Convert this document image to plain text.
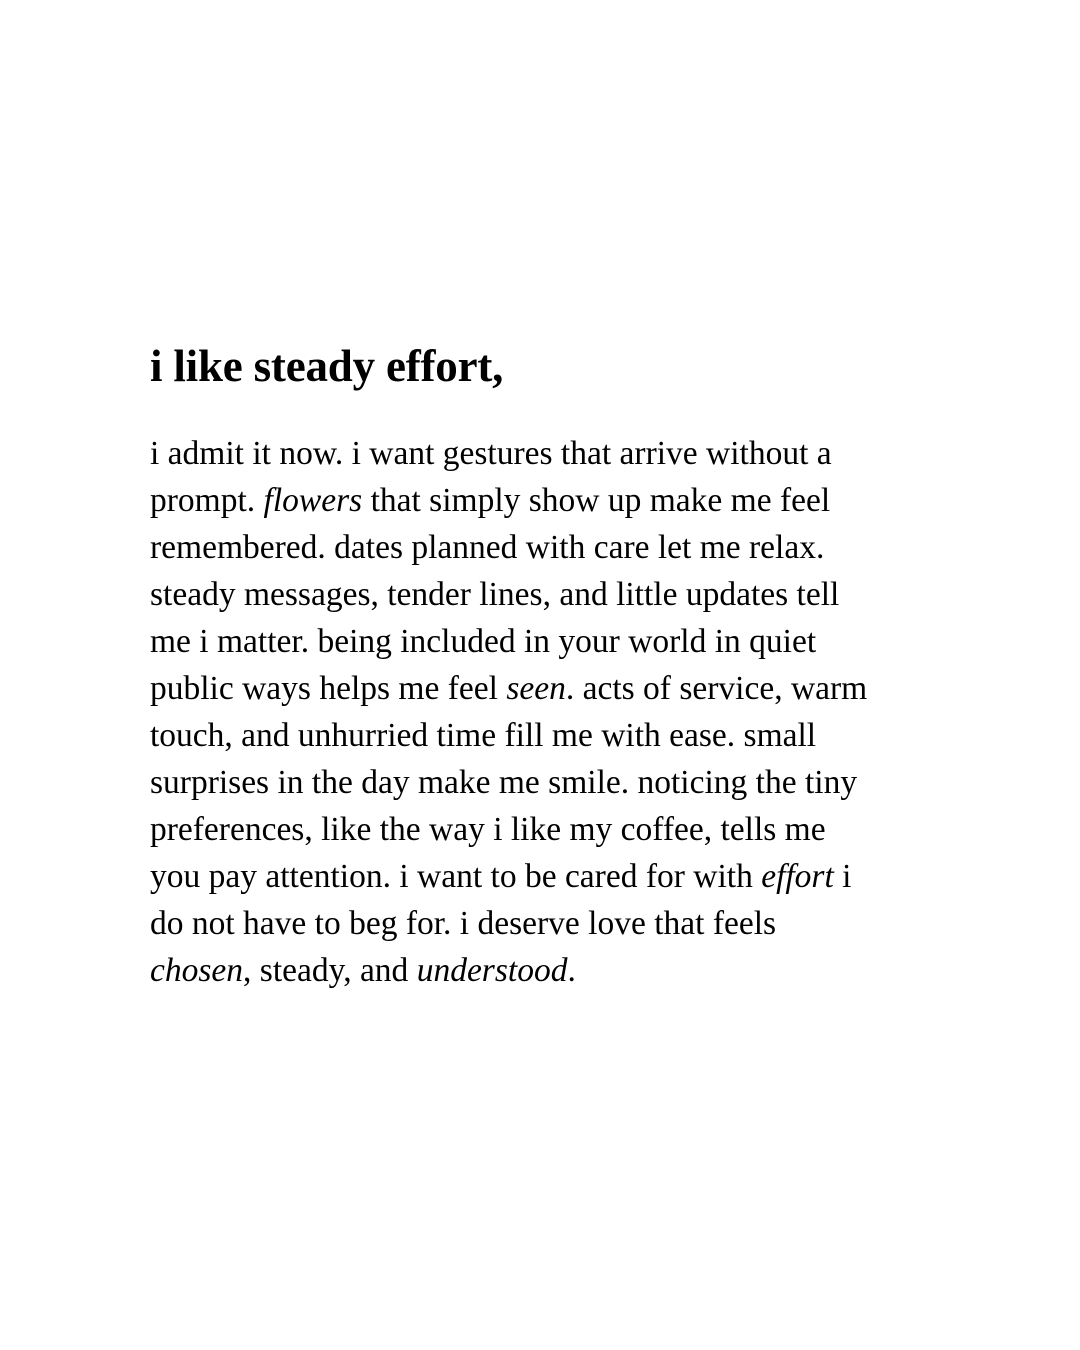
i like steady effort,
i admit it now. i want gestures that arrive without a
prompt. flowers that simply show up make me feel
remembered. dates planned with care let me relax.
steady messages, tender lines, and little updates tell
me i matter. being included in your world in quiet
public ways helps me feel seen. acts of service, warm
touch, and unhurried time fill me with ease. small
surprises in the day make me smile. noticing the tiny
preferences, like the way i like my coffee, tells me
you pay attention. i want to be cared for with effort i
do not have to beg for. i deserve love that feels
chosen, steady, and understood.
